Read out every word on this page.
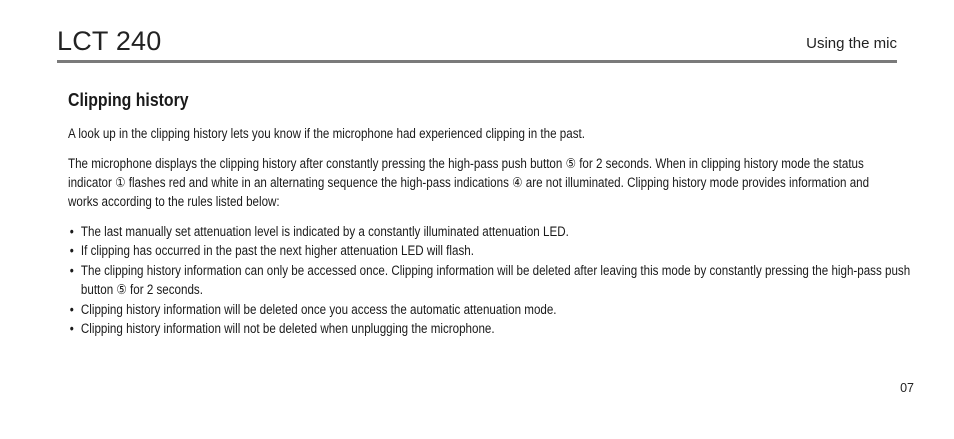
LCT 240	Using the mic
Clipping history

A look up in the clipping history lets you know if the microphone had experienced clipping in the past.

The microphone displays the clipping history after constantly pressing the high-pass push button ⑤ for 2 seconds. When in clipping history mode the status indicator ① flashes red and white in an alternating sequence the high-pass indications ④ are not illuminated. Clipping history mode provides information and works according to the rules listed below:

• The last manually set attenuation level is indicated by a constantly illuminated attenuation LED.
• If clipping has occurred in the past the next higher attenuation LED will flash.
• The clipping history information can only be accessed once. Clipping information will be deleted after leaving this mode by constantly pressing the high-pass push button ⑤ for 2 seconds.
• Clipping history information will be deleted once you access the automatic attenuation mode.
• Clipping history information will not be deleted when unplugging the microphone.
07
